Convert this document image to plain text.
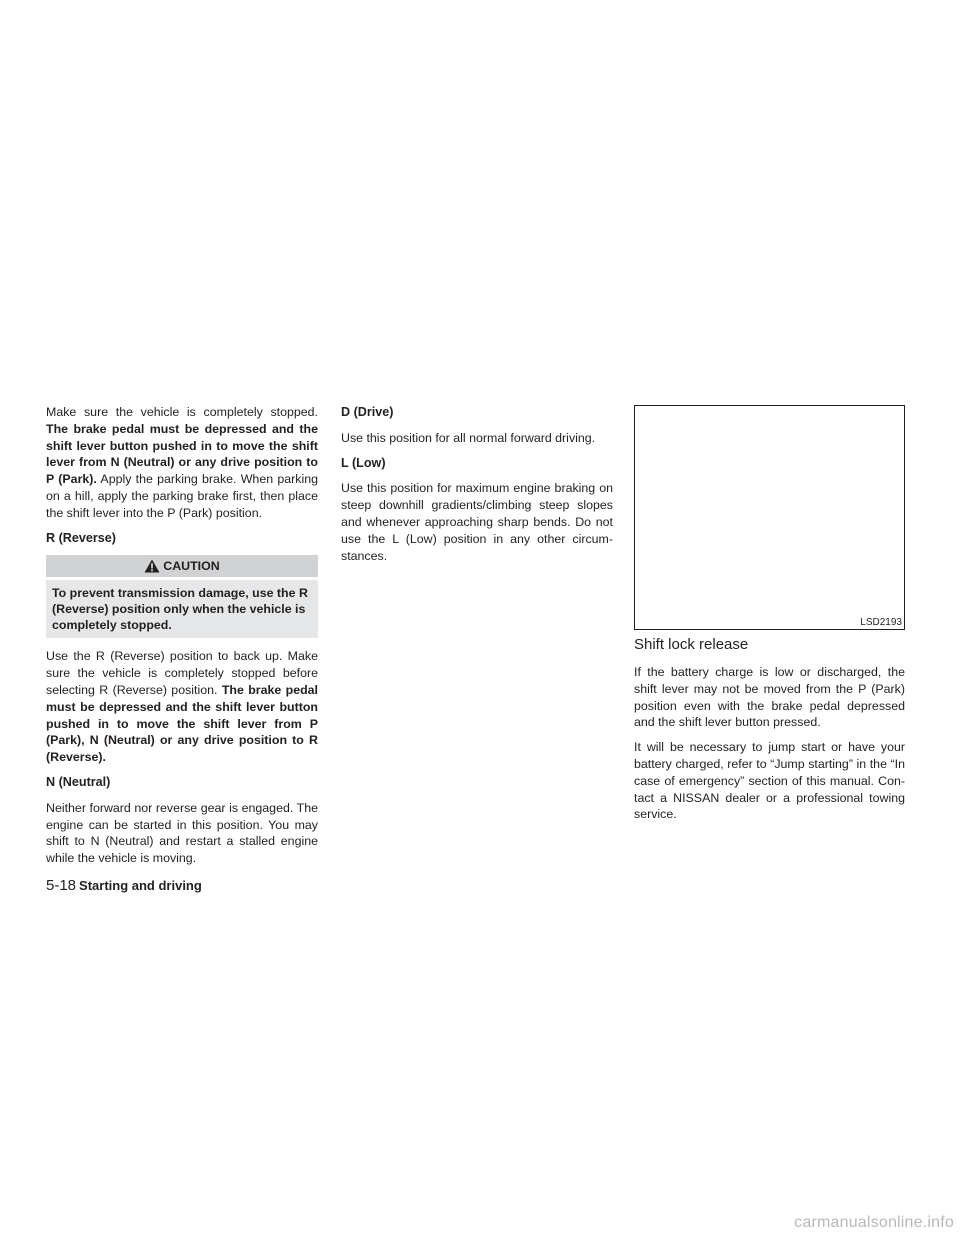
Make sure the vehicle is completely stopped. The brake pedal must be depressed and the shift lever button pushed in to move the shift lever from N (Neutral) or any drive position to P (Park). Apply the parking brake. When parking on a hill, apply the parking brake first, then place the shift lever into the P (Park) position.

R (Reverse)
CAUTION
To prevent transmission damage, use the R (Reverse) position only when the vehicle is completely stopped.

Use the R (Reverse) position to back up. Make sure the vehicle is completely stopped before selecting R (Reverse) position. The brake pedal must be depressed and the shift lever button pushed in to move the shift lever from P (Park), N (Neutral) or any drive position to R (Reverse).

N (Neutral)

Neither forward nor reverse gear is engaged. The engine can be started in this position. You may shift to N (Neutral) and restart a stalled engine while the vehicle is moving.

D (Drive)

Use this position for all normal forward driving.

L (Low)

Use this position for maximum engine braking on steep downhill gradients/climbing steep slopes and whenever approaching sharp bends. Do not use the L (Low) position in any other circum-stances.

LSD2193
Shift lock release

If the battery charge is low or discharged, the shift lever may not be moved from the P (Park) position even with the brake pedal depressed and the shift lever button pressed.

It will be necessary to jump start or have your battery charged, refer to “Jump starting” in the “In case of emergency” section of this manual. Con-tact a NISSAN dealer or a professional towing service.

5-18 Starting and driving
carmanualsonline.info
